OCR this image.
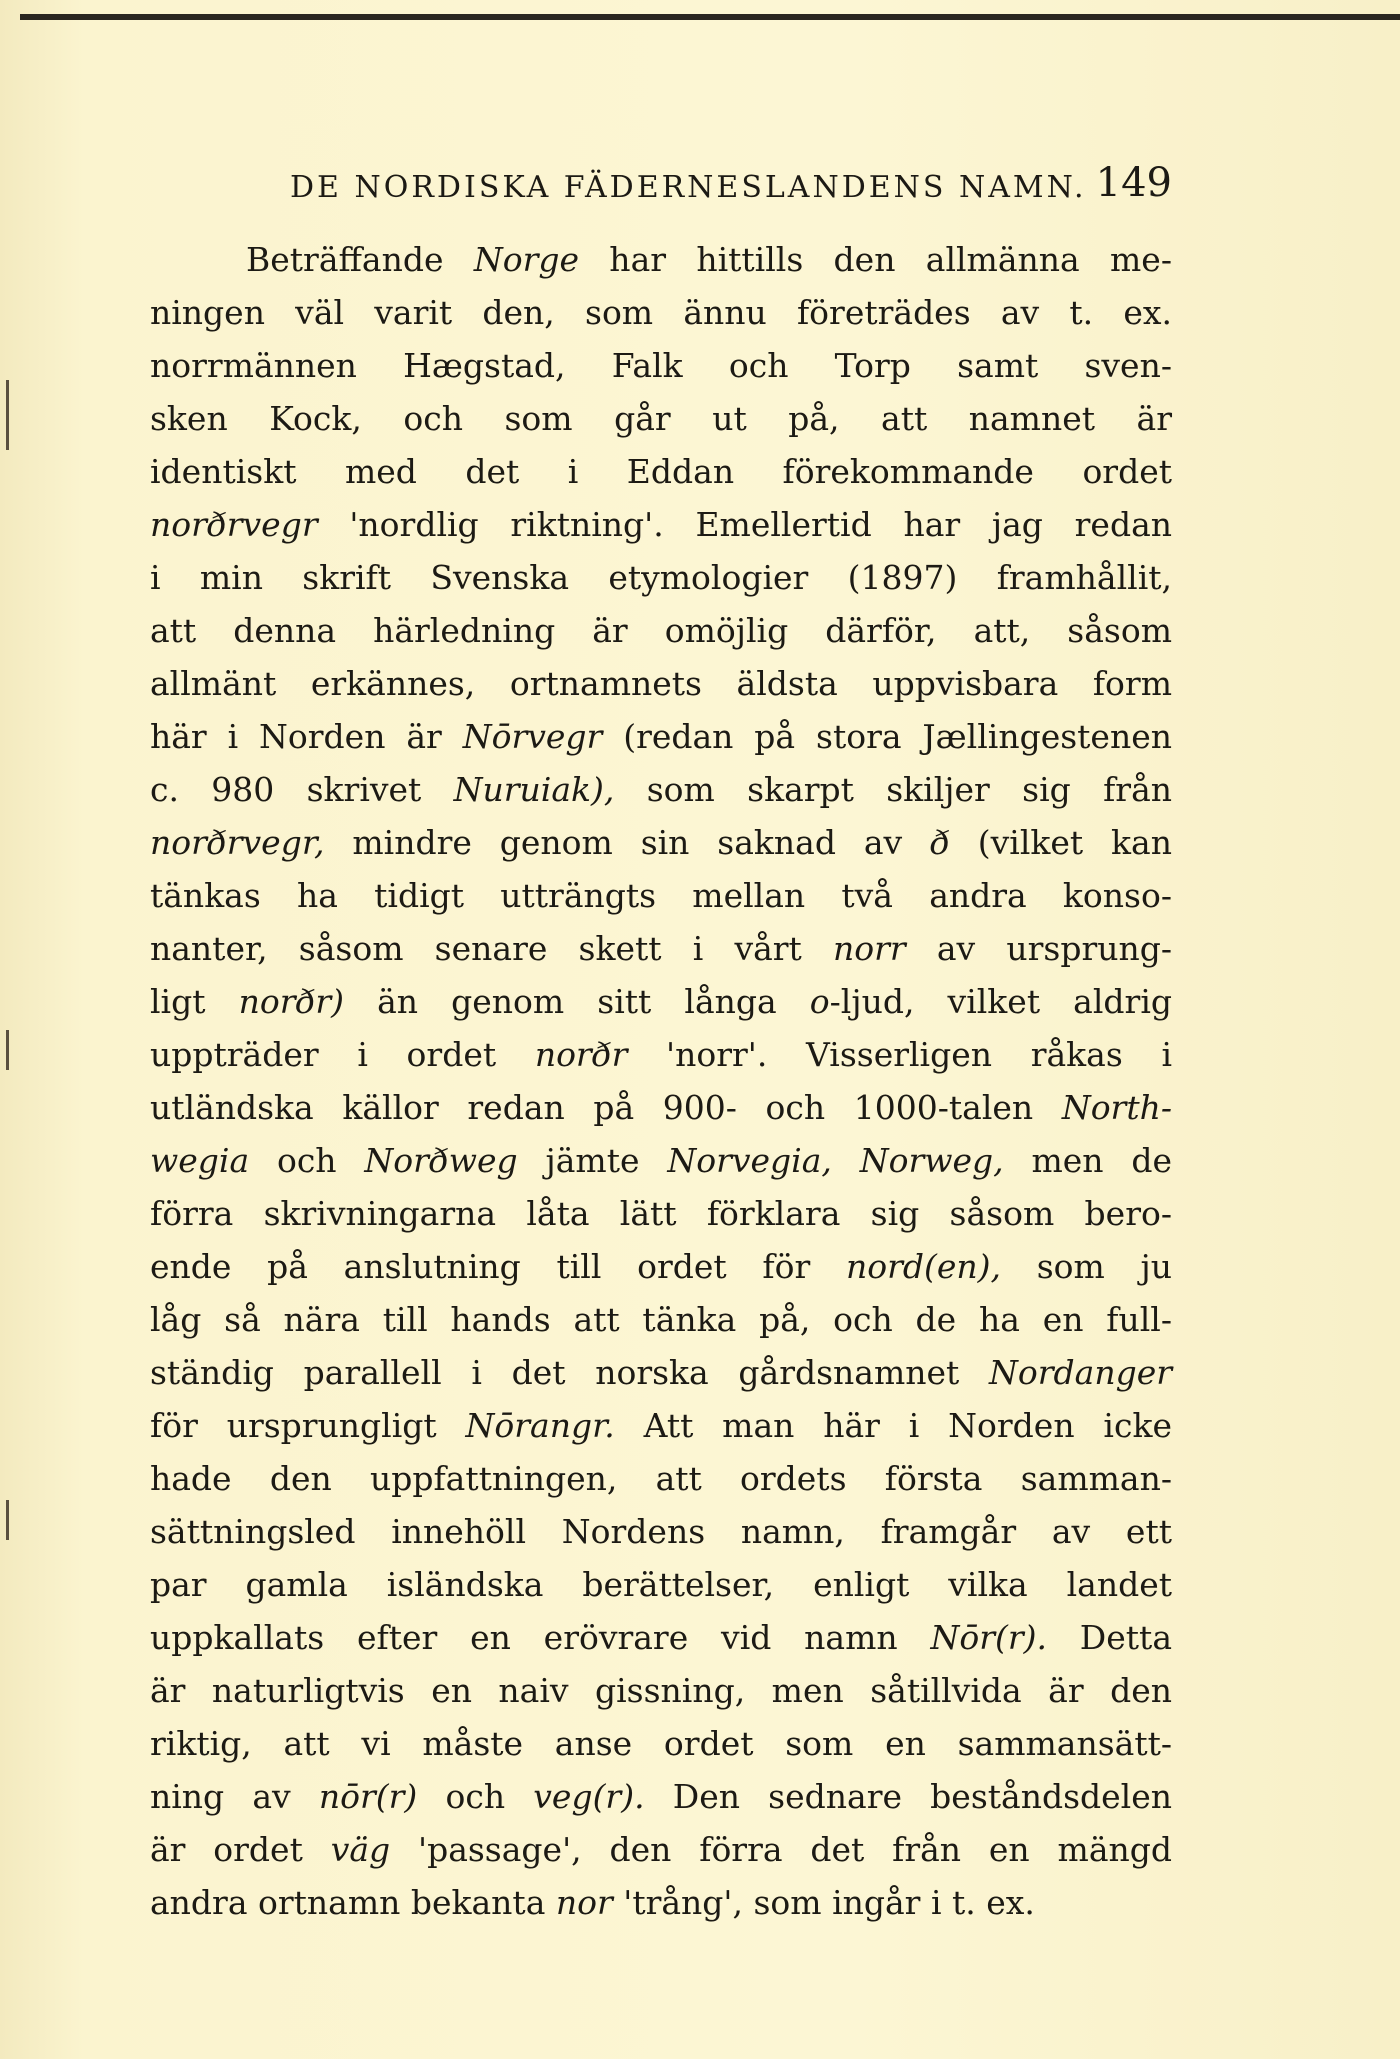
DE NORDISKA FÄDERNESLANDENS NAMN. 149
Beträffande Norge har hittills den allmänna me-
ningen väl varit den, som ännu företrädes av t. ex.
norrmännen Hægstad, Falk och Torp samt sven-
sken Kock, och som går ut på, att namnet är
identiskt med det i Eddan förekommande ordet
norðrvegr 'nordlig riktning'. Emellertid har jag redan
i min skrift Svenska etymologier (1897) framhållit,
att denna härledning är omöjlig därför, att, såsom
allmänt erkännes, ortnamnets äldsta uppvisbara form
här i Norden är Nōrvegr (redan på stora Jællingestenen
c. 980 skrivet Nuruiak), som skarpt skiljer sig från
norðrvegr, mindre genom sin saknad av ð (vilket kan
tänkas ha tidigt utträngts mellan två andra konso-
nanter, såsom senare skett i vårt norr av ursprung-
ligt norðr) än genom sitt långa o-ljud, vilket aldrig
uppträder i ordet norðr 'norr'. Visserligen råkas i
utländska källor redan på 900- och 1000-talen North-
wegia och Norðweg jämte Norvegia, Norweg, men de
förra skrivningarna låta lätt förklara sig såsom bero-
ende på anslutning till ordet för nord(en), som ju
låg så nära till hands att tänka på, och de ha en full-
ständig parallell i det norska gårdsnamnet Nordanger
för ursprungligt Nōrangr. Att man här i Norden icke
hade den uppfattningen, att ordets första samman-
sättningsled innehöll Nordens namn, framgår av ett
par gamla isländska berättelser, enligt vilka landet
uppkallats efter en erövrare vid namn Nōr(r). Detta
är naturligtvis en naiv gissning, men såtillvida är den
riktig, att vi måste anse ordet som en sammansätt-
ning av nōr(r) och veg(r). Den sednare beståndsdelen
är ordet väg 'passage', den förra det från en mängd
andra ortnamn bekanta nor 'trång', som ingår i t. ex.
